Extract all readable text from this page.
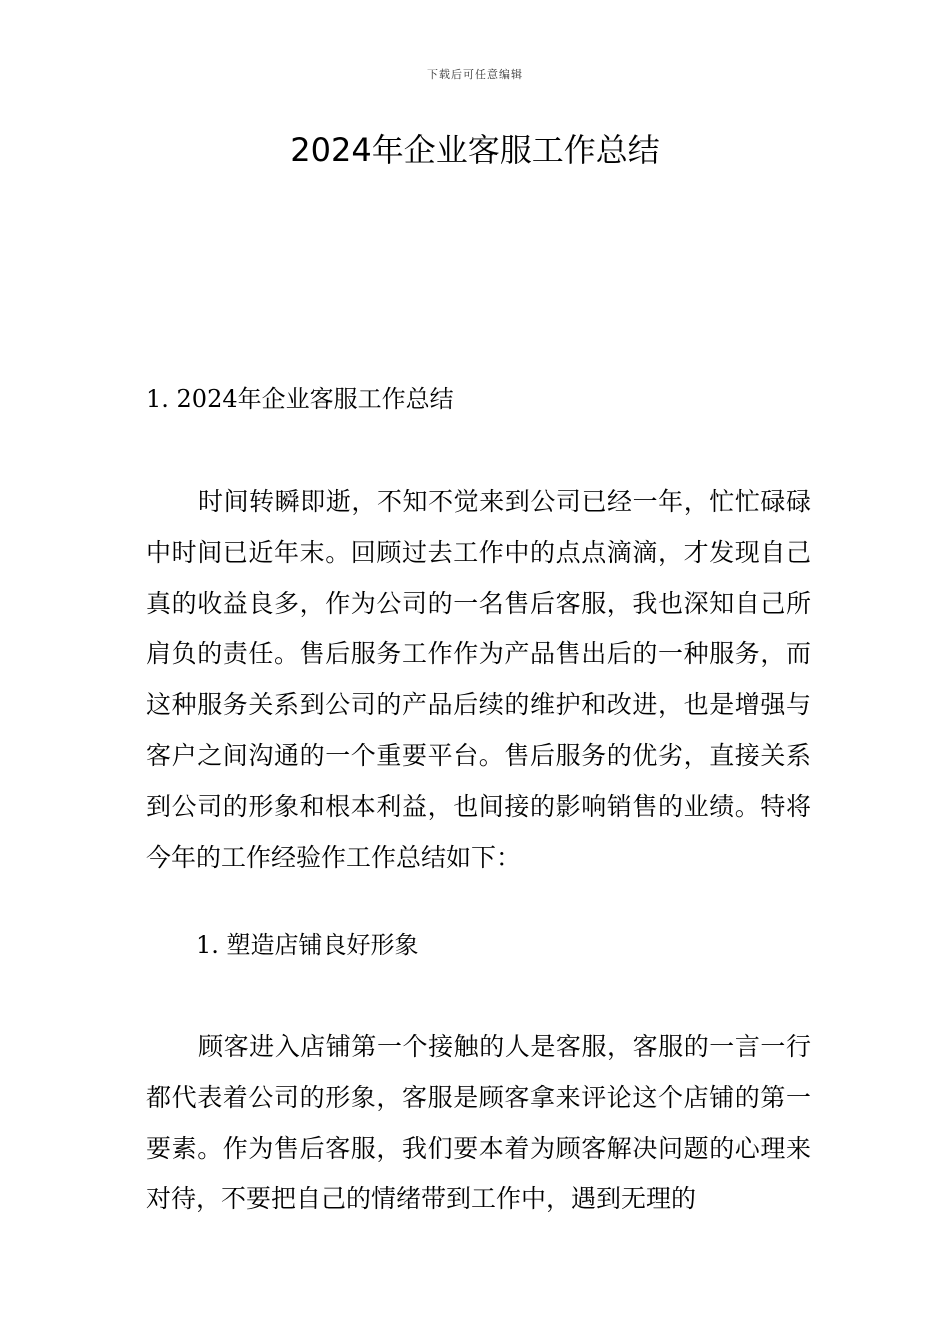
下载后可任意编辑
2024年企业客服工作总结
1. 2024年企业客服工作总结

时间转瞬即逝，不知不觉来到公司已经一年，忙忙碌碌中时间已近年末。回顾过去工作中的点点滴滴，才发现自己真的收益良多，作为公司的一名售后客服，我也深知自己所肩负的责任。售后服务工作作为产品售出后的一种服务，而这种服务关系到公司的产品后续的维护和改进，也是增强与客户之间沟通的一个重要平台。售后服务的优劣，直接关系到公司的形象和根本利益，也间接的影响销售的业绩。特将今年的工作经验作工作总结如下：

1. 塑造店铺良好形象

顾客进入店铺第一个接触的人是客服，客服的一言一行都代表着公司的形象，客服是顾客拿来评论这个店铺的第一要素。作为售后客服，我们要本着为顾客解决问题的心理来对待，不要把自己的情绪带到工作中，遇到无理的
